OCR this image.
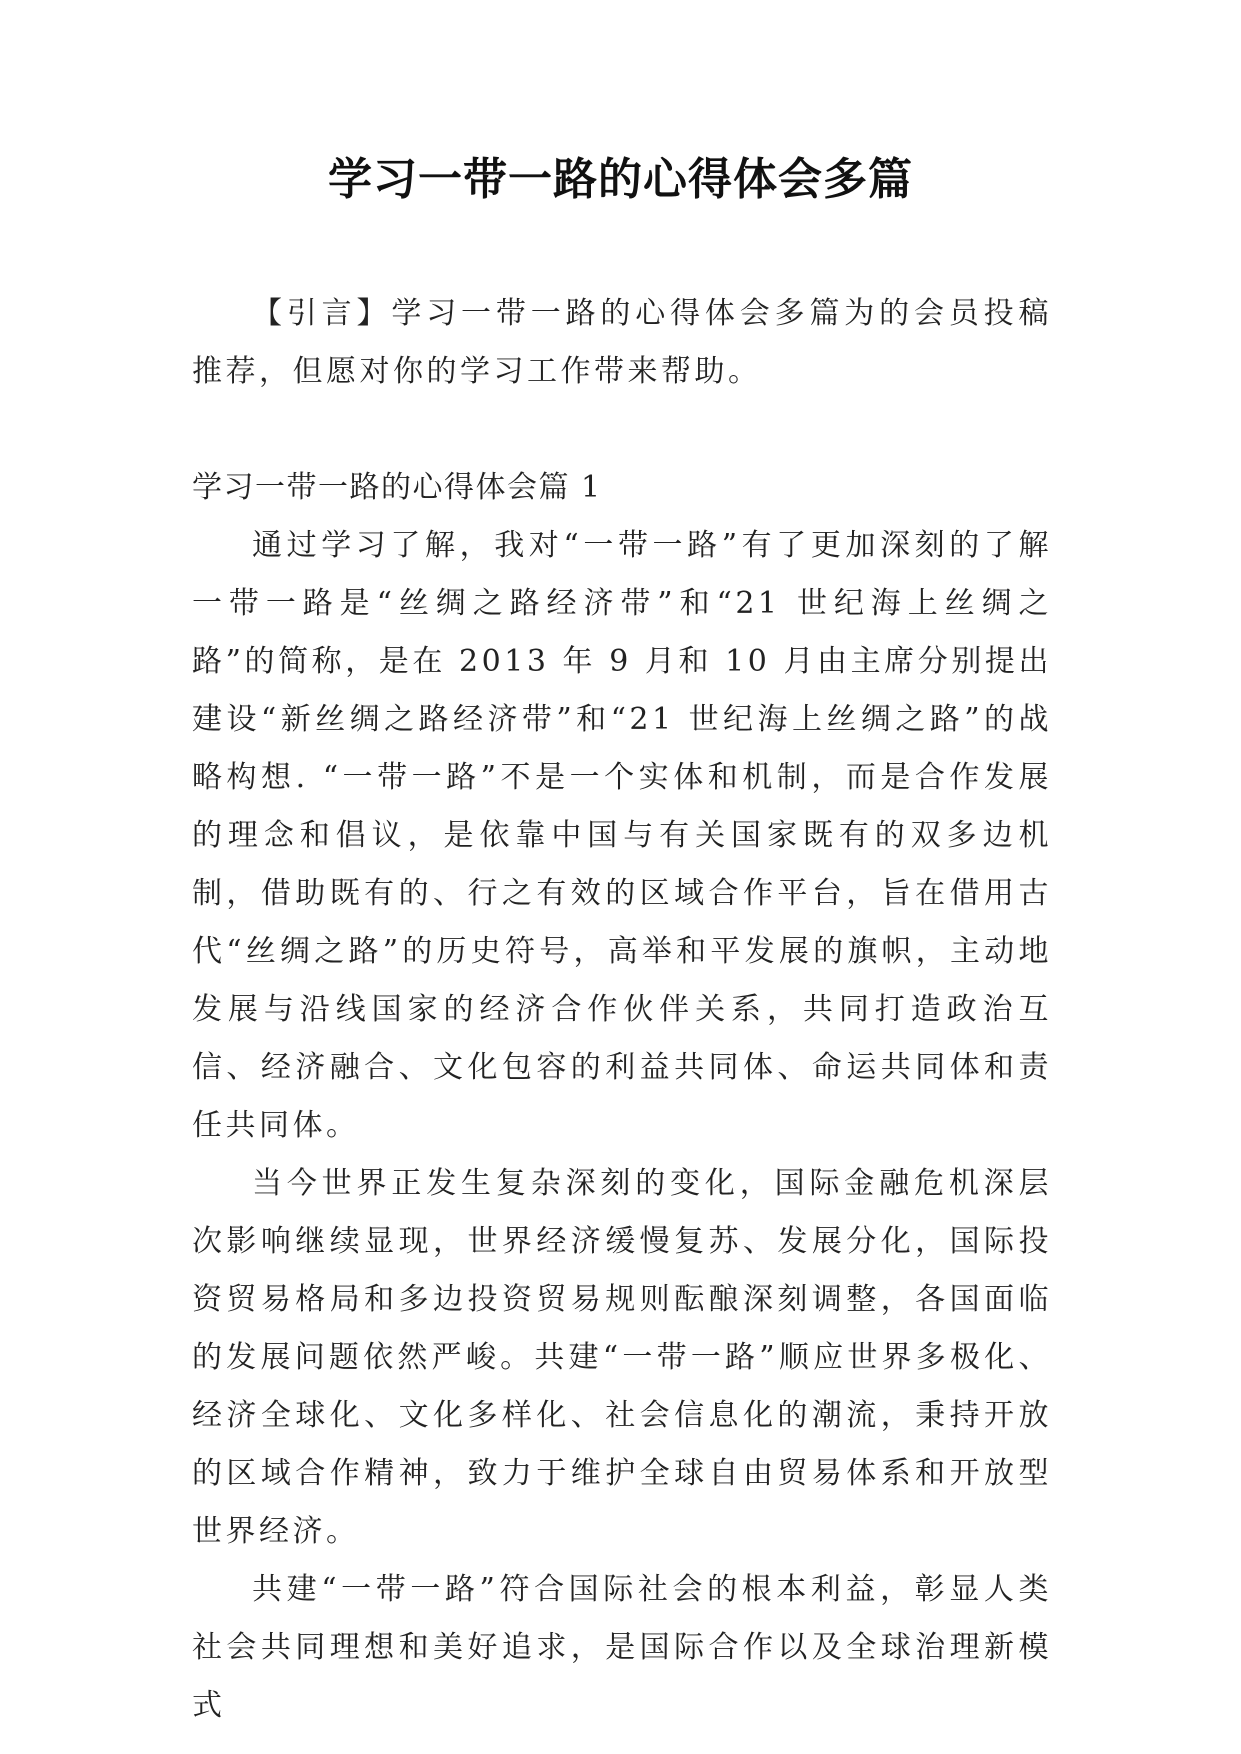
学习一带一路的心得体会多篇

【引言】学习一带一路的心得体会多篇为的会员投稿推荐，但愿对你的学习工作带来帮助。

学习一带一路的心得体会篇 1

通过学习了解，我对“一带一路”有了更加深刻的了解一带一路是“丝绸之路经济带”和“21 世纪海上丝绸之路”的简称，是在 2013 年 9 月和 10 月由主席分别提出建设“新丝绸之路经济带”和“21 世纪海上丝绸之路”的战略构想. “一带一路”不是一个实体和机制，而是合作发展的理念和倡议，是依靠中国与有关国家既有的双多边机制，借助既有的、行之有效的区域合作平台，旨在借用古代“丝绸之路”的历史符号，高举和平发展的旗帜，主动地发展与沿线国家的经济合作伙伴关系，共同打造政治互信、经济融合、文化包容的利益共同体、命运共同体和责任共同体。

当今世界正发生复杂深刻的变化，国际金融危机深层次影响继续显现，世界经济缓慢复苏、发展分化，国际投资贸易格局和多边投资贸易规则酝酿深刻调整，各国面临的发展问题依然严峻。共建“一带一路”顺应世界多极化、经济全球化、文化多样化、社会信息化的潮流，秉持开放的区域合作精神，致力于维护全球自由贸易体系和开放型世界经济。

共建“一带一路”符合国际社会的根本利益，彰显人类社会共同理想和美好追求，是国际合作以及全球治理新模式
